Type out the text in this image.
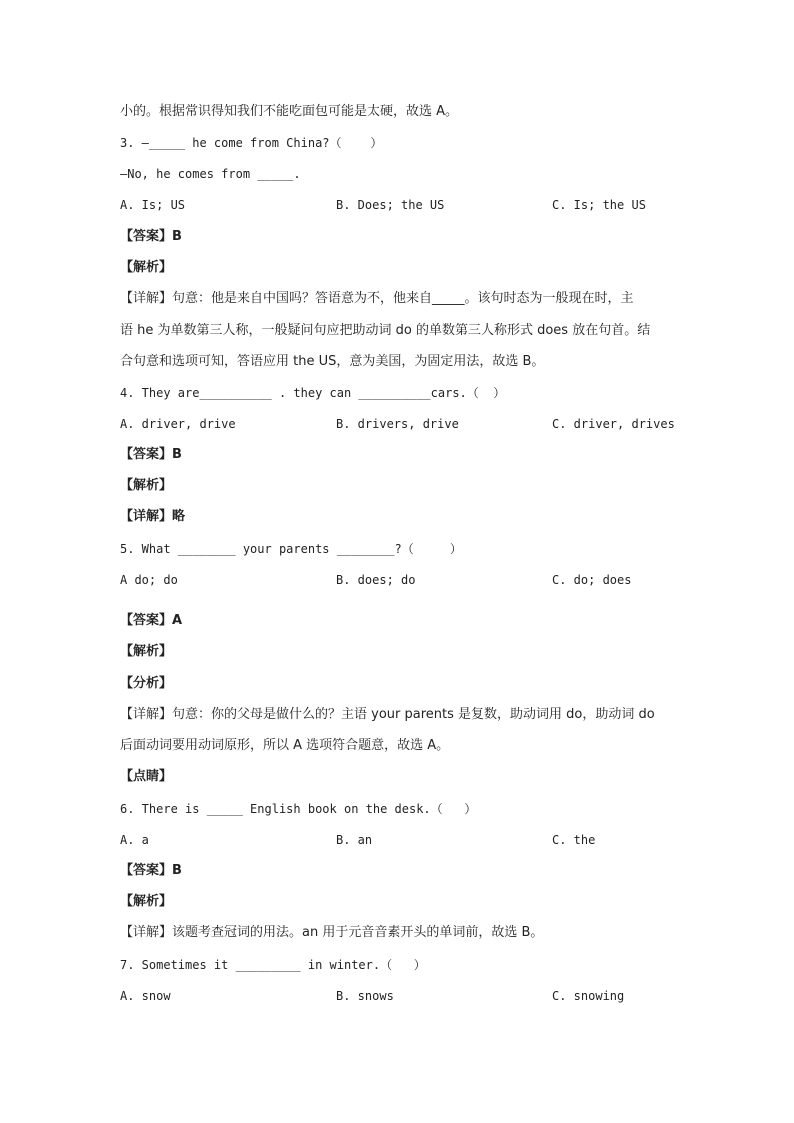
小的。根据常识得知我们不能吃面包可能是太硬，故选 A。
3. —_____ he come from China?（    ）
—No, he comes from _____.
A. Is; US	B. Does; the US	C. Is; the US
【答案】B
【解析】
【详解】句意：他是来自中国吗？答语意为不，他来自_____。该句时态为一般现在时，主
语 he 为单数第三人称，一般疑问句应把助动词 do 的单数第三人称形式 does 放在句首。结
合句意和选项可知，答语应用 the US，意为美国，为固定用法，故选 B。
4. They are__________ . they can __________cars.（  ）
A. driver, drive	B. drivers, drive	C. driver, drives
【答案】B
【解析】
【详解】略
5. What ________ your parents ________?（     ）
A do; do	B. does; do	C. do; does
【答案】A
【解析】
【分析】
【详解】句意：你的父母是做什么的？主语 your parents 是复数，助动词用 do，助动词 do
后面动词要用动词原形，所以 A 选项符合题意，故选 A。
【点睛】
6. There is _____ English book on the desk.（   ）
A. a	B. an	C. the
【答案】B
【解析】
【详解】该题考查冠词的用法。an 用于元音音素开头的单词前，故选 B。
7. Sometimes it _________ in winter.（   ）
A. snow	B. snows	C. snowing
